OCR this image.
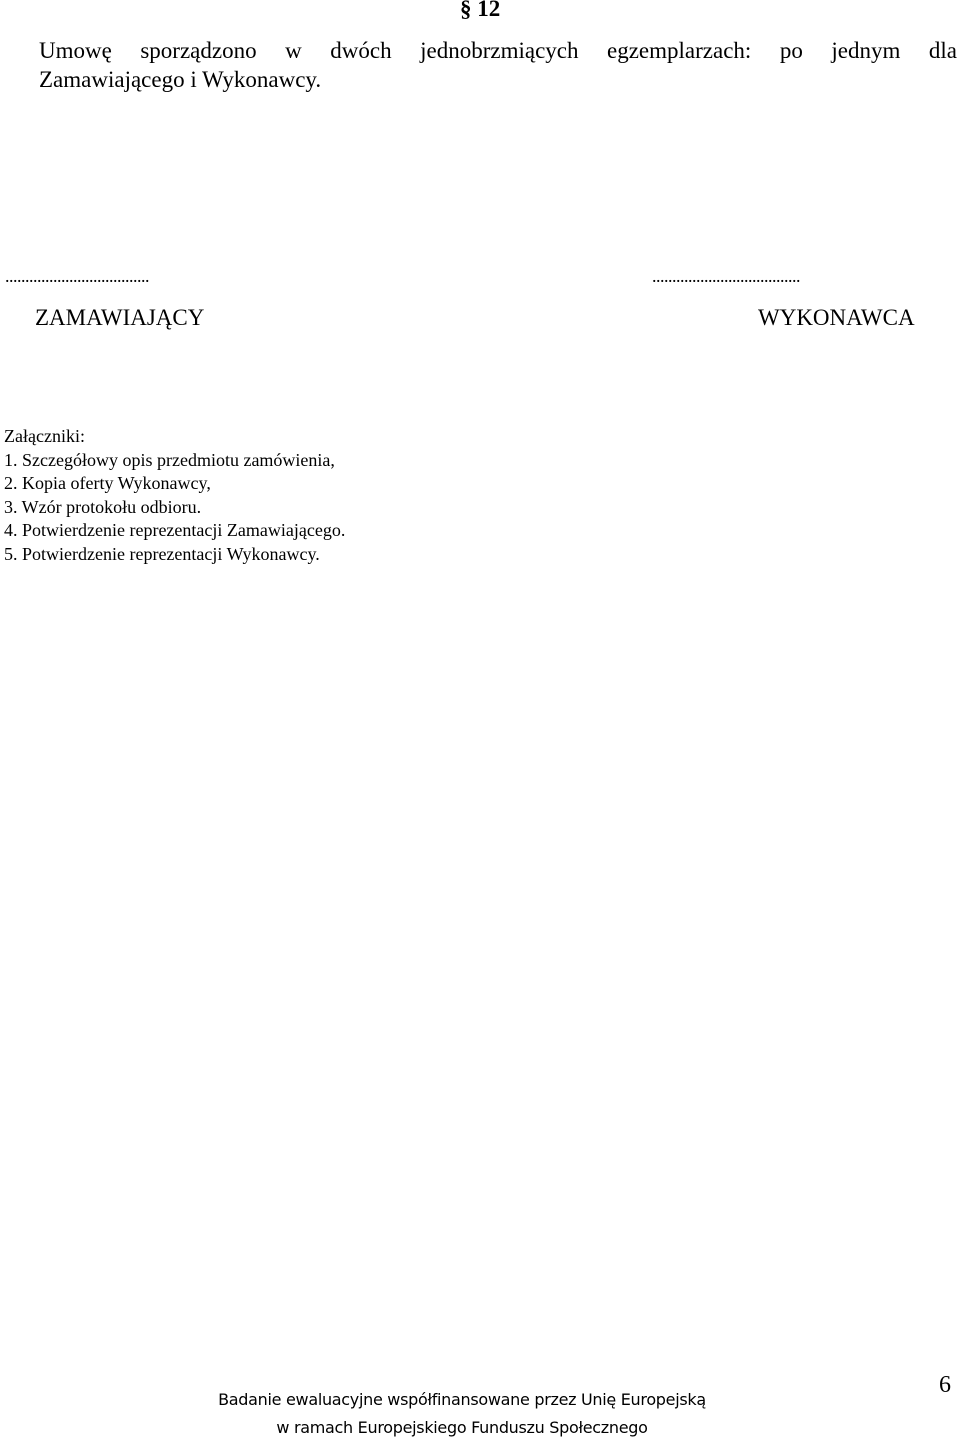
§ 12
Umowę sporządzono w dwóch jednobrzmiących egzemplarzach: po jednym dla
Zamawiającego i Wykonawcy.
....................................	.....................................
ZAMAWIAJĄCY	WYKONAWCA
Załączniki:
1. Szczegółowy opis przedmiotu zamówienia,
2. Kopia oferty Wykonawcy,
3. Wzór protokołu odbioru.
4. Potwierdzenie reprezentacji Zamawiającego.
5. Potwierdzenie reprezentacji Wykonawcy.
Badanie ewaluacyjne współfinansowane przez Unię Europejską
w ramach Europejskiego Funduszu Społecznego
6
